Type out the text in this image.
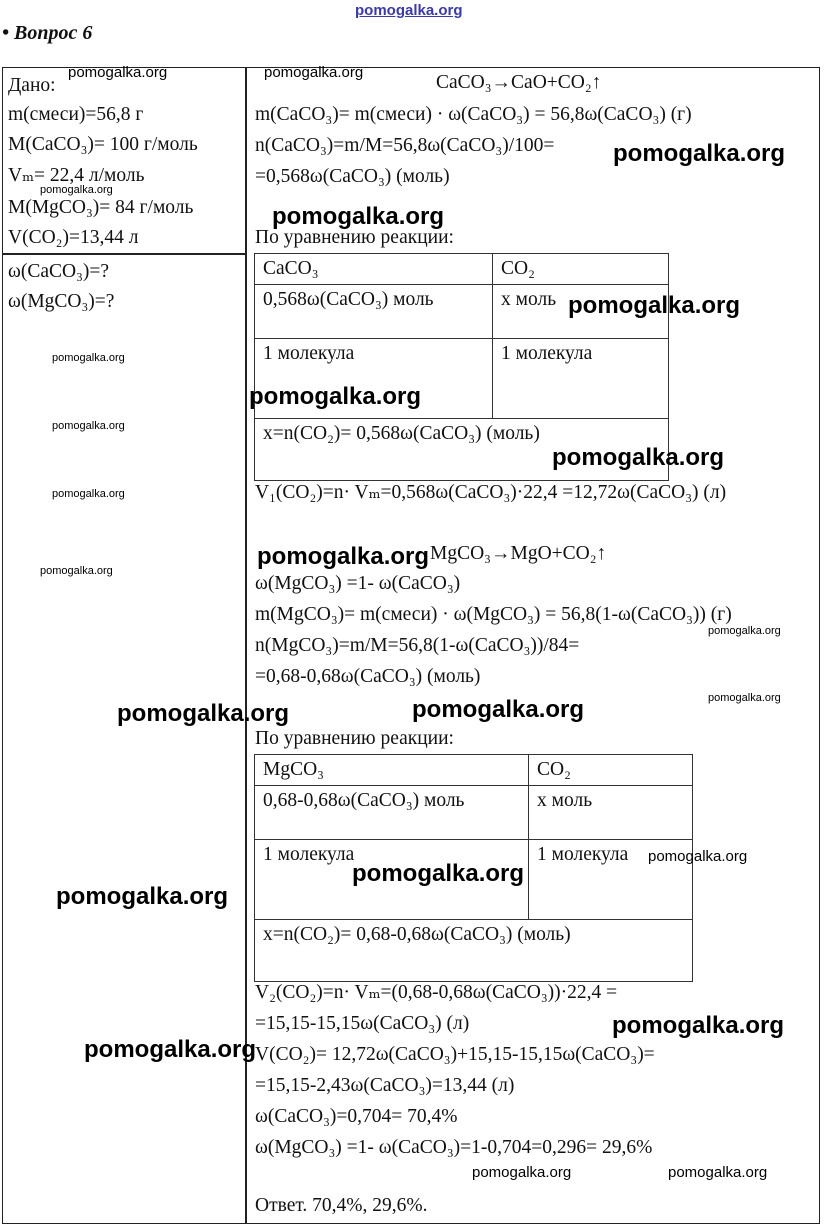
pomogalka.org
• Вопрос 6
Дано:
m(смеси)=56,8 г
M(CaCO₃)= 100 г/моль
Vₘ= 22,4 л/моль
M(MgCO₃)= 84 г/моль
V(CO₂)=13,44 л
ω(CaCO₃)=?
ω(MgCO₃)=?
CaCO₃→CaO+CO₂↑
m(CaCO₃)= m(смеси) · ω(CaCO₃) = 56,8ω(CaCO₃) (г)
n(CaCO₃)=m/M=56,8ω(CaCO₃)/100=
=0,568ω(CaCO₃) (моль)
По уравнению реакции:
CaCO₃	CO₂
0,568ω(CaCO₃) моль	x моль
1 молекула	1 молекула
x=n(CO₂)= 0,568ω(CaCO₃) (моль)	
V₁(CO₂)=n· Vₘ=0,568ω(CaCO₃)·22,4 =12,72ω(CaCO₃) (л)
MgCO₃→MgO+CO₂↑
ω(MgCO₃) =1- ω(CaCO₃)
m(MgCO₃)= m(смеси) · ω(MgCO₃) = 56,8(1-ω(CaCO₃)) (г)
n(MgCO₃)=m/M=56,8(1-ω(CaCO₃))/84=
=0,68-0,68ω(CaCO₃) (моль)
По уравнению реакции:
MgCO₃	CO₂
0,68-0,68ω(CaCO₃) моль	x моль
1 молекула	1 молекула
x=n(CO₂)= 0,68-0,68ω(CaCO₃) (моль)	
V₂(CO₂)=n· Vₘ=(0,68-0,68ω(CaCO₃))·22,4 =
=15,15-15,15ω(CaCO₃) (л)
V(CO₂)= 12,72ω(CaCO₃)+15,15-15,15ω(CaCO₃)=
=15,15-2,43ω(CaCO₃)=13,44 (л)
ω(CaCO₃)=0,704= 70,4%
ω(MgCO₃) =1- ω(CaCO₃)=1-0,704=0,296= 29,6%
Ответ. 70,4%, 29,6%.
pomogalka.org	pomogalka.org
pomogalka.org
pomogalka.org
pomogalka.org
pomogalka.org
pomogalka.org
pomogalka.org
pomogalka.org
pomogalka.org
pomogalka.org
pomogalka.org
pomogalka.org
pomogalka.org
pomogalka.org
pomogalka.org	pomogalka.org
pomogalka.org
pomogalka.org
pomogalka.org
pomogalka.org
pomogalka.org
pomogalka.org	pomogalka.org
